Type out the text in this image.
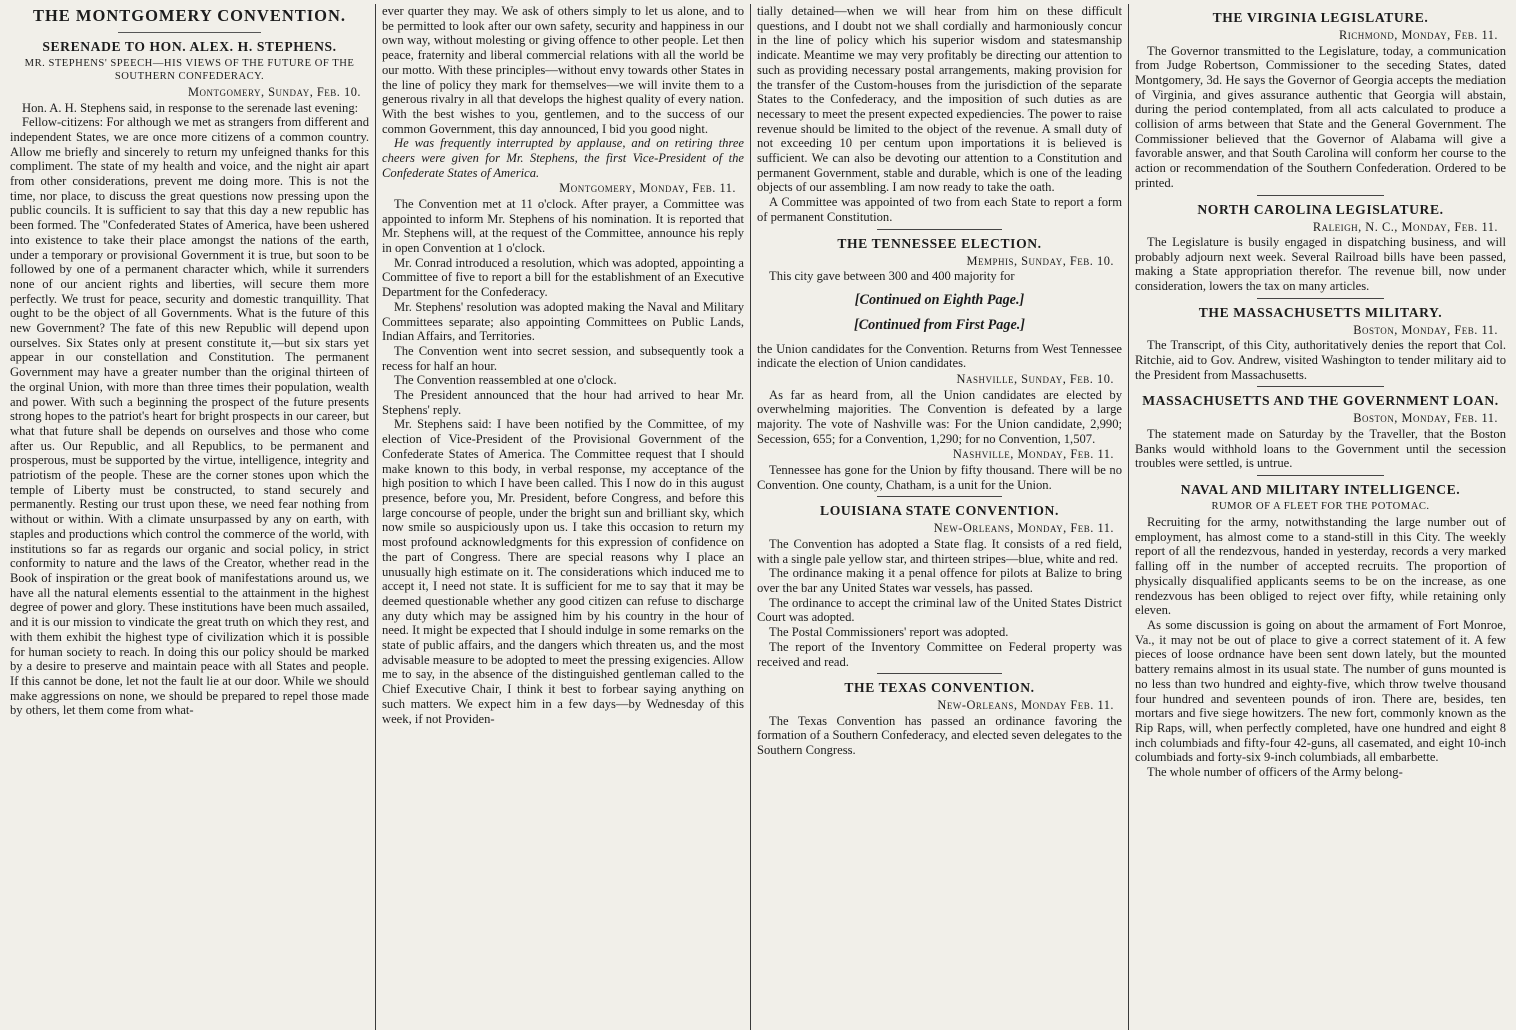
THE MONTGOMERY CONVENTION.
SERENADE TO HON. ALEX. H. STEPHENS.
MR. STEPHENS' SPEECH—HIS VIEWS OF THE FUTURE OF THE SOUTHERN CONFEDERACY.
Montgomery, Sunday, Feb. 10.

Hon. A. H. Stephens said, in response to the serenade last evening:

Fellow-citizens: For although we met as strangers from different and independent States, we are once more citizens of a common country. Allow me briefly and sincerely to return my unfeigned thanks for this compliment. The state of my health and voice, and the night air apart from other considerations, prevent me doing more. This is not the time, nor place, to discuss the great questions now pressing upon the public councils. It is sufficient to say that this day a new republic has been formed. The "Confederated States of America, have been ushered into existence to take their place amongst the nations of the earth, under a temporary or provisional Government it is true, but soon to be followed by one of a permanent character which, while it surrenders none of our ancient rights and liberties, will secure them more perfectly. We trust for peace, security and domestic tranquillity. That ought to be the object of all Governments. What is the future of this new Government? The fate of this new Republic will depend upon ourselves. Six States only at present constitute it,—but six stars yet appear in our constellation and Constitution. The permanent Government may have a greater number than the original thirteen of the orginal Union, with more than three times their population, wealth and power. With such a beginning the prospect of the future presents strong hopes to the patriot's heart for bright prospects in our career, but what that future shall be depends on ourselves and those who come after us. Our Republic, and all Republics, to be permanent and prosperous, must be supported by the virtue, intelligence, integrity and patriotism of the people. These are the corner stones upon which the temple of Liberty must be constructed, to stand securely and permanently. Resting our trust upon these, we need fear nothing from without or within. With a climate unsurpassed by any on earth, with staples and productions which control the commerce of the world, with institutions so far as regards our organic and social policy, in strict conformity to nature and the laws of the Creator, whether read in the Book of inspiration or the great book of manifestations around us, we have all the natural elements essential to the attainment in the highest degree of power and glory. These institutions have been much assailed, and it is our mission to vindicate the great truth on which they rest, and with them exhibit the highest type of civilization which it is possible for human society to reach. In doing this our policy should be marked by a desire to preserve and maintain peace with all States and people. If this cannot be done, let not the fault lie at our door. While we should make aggressions on none, we should be prepared to repel those made by others, let them come from what-

ever quarter they may. We ask of others simply to let us alone, and to be permitted to look after our own safety, security and happiness in our own way, without molesting or giving offence to other people. Let then peace, fraternity and liberal commercial relations with all the world be our motto. With these principles—without envy towards other States in the line of policy they mark for themselves—we will invite them to a generous rivalry in all that develops the highest quality of every nation. With the best wishes to you, gentlemen, and to the success of our common Government, this day announced, I bid you good night.

He was frequently interrupted by applause, and on retiring three cheers were given for Mr. Stephens, the first Vice-President of the Confederate States of America.

Montgomery, Monday, Feb. 11.

The Convention met at 11 o'clock. After prayer, a Committee was appointed to inform Mr. Stephens of his nomination. It is reported that Mr. Stephens will, at the request of the Committee, announce his reply in open Convention at 1 o'clock.

Mr. Conrad introduced a resolution, which was adopted, appointing a Committee of five to report a bill for the establishment of an Executive Department for the Confederacy.

Mr. Stephens' resolution was adopted making the Naval and Military Committees separate; also appointing Committees on Public Lands, Indian Affairs, and Territories.

The Convention went into secret session, and subsequently took a recess for half an hour.

The Convention reassembled at one o'clock.

The President announced that the hour had arrived to hear Mr. Stephens' reply.

Mr. Stephens said: I have been notified by the Committee, of my election of Vice-President of the Provisional Government of the Confederate States of America. The Committee request that I should make known to this body, in verbal response, my acceptance of the high position to which I have been called. This I now do in this august presence, before you, Mr. President, before Congress, and before this large concourse of people, under the bright sun and brilliant sky, which now smile so auspiciously upon us. I take this occasion to return my most profound acknowledgments for this expression of confidence on the part of Congress. There are special reasons why I place an unusually high estimate on it. The considerations which induced me to accept it, I need not state. It is sufficient for me to say that it may be deemed questionable whether any good citizen can refuse to discharge any duty which may be assigned him by his country in the hour of need. It might be expected that I should indulge in some remarks on the state of public affairs, and the dangers which threaten us, and the most advisable measure to be adopted to meet the pressing exigencies. Allow me to say, in the absence of the distinguished gentleman called to the Chief Executive Chair, I think it best to forbear saying anything on such matters. We expect him in a few days—by Wednesday of this week, if not Providen-

tially detained—when we will hear from him on these difficult questions, and I doubt not we shall cordially and harmoniously concur in the line of policy which his superior wisdom and statesmanship indicate. Meantime we may very profitably be directing our attention to such as providing necessary postal arrangements, making provision for the transfer of the Custom-houses from the jurisdiction of the separate States to the Confederacy, and the imposition of such duties as are necessary to meet the present expected expediencies. The power to raise revenue should be limited to the object of the revenue. A small duty of not exceeding 10 per centum upon importations it is believed is sufficient. We can also be devoting our attention to a Constitution and permanent Government, stable and durable, which is one of the leading objects of our assembling. I am now ready to take the oath.

A Committee was appointed of two from each State to report a form of permanent Constitution.

THE TENNESSEE ELECTION.
Memphis, Sunday, Feb. 10.

This city gave between 300 and 400 majority for

[Continued on Eighth Page.]
[Continued from First Page.]

the Union candidates for the Convention. Returns from West Tennessee indicate the election of Union candidates.

Nashville, Sunday, Feb. 10.

As far as heard from, all the Union candidates are elected by overwhelming majorities. The Convention is defeated by a large majority. The vote of Nashville was: For the Union candidate, 2,990; Secession, 655; for a Convention, 1,290; for no Convention, 1,507.

Nashville, Monday, Feb. 11.

Tennessee has gone for the Union by fifty thousand. There will be no Convention. One county, Chatham, is a unit for the Union.

LOUISIANA STATE CONVENTION.
New-Orleans, Monday, Feb. 11.

The Convention has adopted a State flag. It consists of a red field, with a single pale yellow star, and thirteen stripes—blue, white and red.

The ordinance making it a penal offence for pilots at Balize to bring over the bar any United States war vessels, has passed.

The ordinance to accept the criminal law of the United States District Court was adopted.

The Postal Commissioners' report was adopted.

The report of the Inventory Committee on Federal property was received and read.

THE TEXAS CONVENTION.
New-Orleans, Monday Feb. 11.

The Texas Convention has passed an ordinance favoring the formation of a Southern Confederacy, and elected seven delegates to the Southern Congress.

THE VIRGINIA LEGISLATURE.
Richmond, Monday, Feb. 11.

The Governor transmitted to the Legislature, today, a communication from Judge Robertson, Commissioner to the seceding States, dated Montgomery, 3d. He says the Governor of Georgia accepts the mediation of Virginia, and gives assurance authentic that Georgia will abstain, during the period contemplated, from all acts calculated to produce a collision of arms between that State and the General Government. The Commissioner believed that the Governor of Alabama will give a favorable answer, and that South Carolina will conform her course to the action or recommendation of the Southern Confederation. Ordered to be printed.

NORTH CAROLINA LEGISLATURE.
Raleigh, N. C., Monday, Feb. 11.

The Legislature is busily engaged in dispatching business, and will probably adjourn next week. Several Railroad bills have been passed, making a State appropriation therefor. The revenue bill, now under consideration, lowers the tax on many articles.

THE MASSACHUSETTS MILITARY.
Boston, Monday, Feb. 11.

The Transcript, of this City, authoritatively denies the report that Col. Ritchie, aid to Gov. Andrew, visited Washington to tender military aid to the President from Massachusetts.

MASSACHUSETTS AND THE GOVERNMENT LOAN.
Boston, Monday, Feb. 11.

The statement made on Saturday by the Traveller, that the Boston Banks would withhold loans to the Government until the secession troubles were settled, is untrue.

NAVAL AND MILITARY INTELLIGENCE.
RUMOR OF A FLEET FOR THE POTOMAC.

Recruiting for the army, notwithstanding the large number out of employment, has almost come to a stand-still in this City. The weekly report of all the rendezvous, handed in yesterday, records a very marked falling off in the number of accepted recruits. The proportion of physically disqualified applicants seems to be on the increase, as one rendezvous has been obliged to reject over fifty, while retaining only eleven.

As some discussion is going on about the armament of Fort Monroe, Va., it may not be out of place to give a correct statement of it. A few pieces of loose ordnance have been sent down lately, but the mounted battery remains almost in its usual state. The number of guns mounted is no less than two hundred and eighty-five, which throw twelve thousand four hundred and seventeen pounds of iron. There are, besides, ten mortars and five siege howitzers. The new fort, commonly known as the Rip Raps, will, when perfectly completed, have one hundred and eight 8 inch columbiads and fifty-four 42-guns, all casemated, and eight 10-inch columbiads and forty-six 9-inch columbiads, all embarbette.

The whole number of officers of the Army belong-
